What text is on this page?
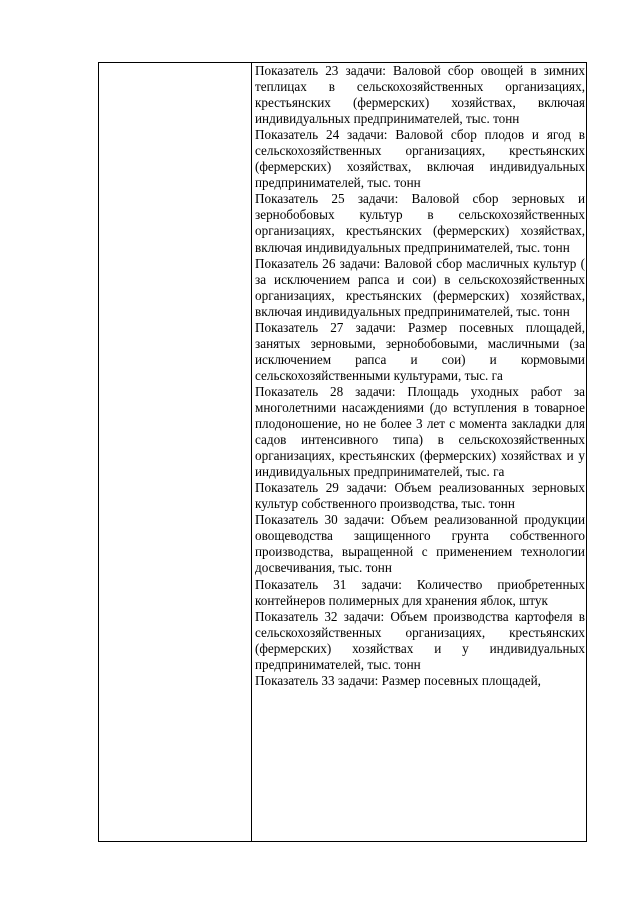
Показатель 23 задачи: Валовой сбор овощей в зимних теплицах в сельскохозяйственных организациях, крестьянских (фермерских) хозяйствах, включая индивидуальных предпринимателей, тыс. тонн

Показатель 24 задачи: Валовой сбор плодов и ягод в сельскохозяйственных организациях, крестьянских (фермерских) хозяйствах, включая индивидуальных предпринимателей, тыс. тонн

Показатель 25 задачи: Валовой сбор зерновых и зернобобовых культур в сельскохозяйственных организациях, крестьянских (фермерских) хозяйствах, включая индивидуальных предпринимателей, тыс. тонн

Показатель 26 задачи: Валовой сбор масличных культур ( за исключением рапса и сои) в сельскохозяйственных организациях, крестьянских (фермерских) хозяйствах, включая индивидуальных предпринимателей, тыс. тонн

Показатель 27 задачи: Размер посевных площадей, занятых зерновыми, зернобобовыми, масличными (за исключением рапса и сои) и кормовыми сельскохозяйственными культурами, тыс. га

Показатель 28 задачи: Площадь уходных работ за многолетними насаждениями (до вступления в товарное плодоношение, но не более 3 лет с момента закладки для садов интенсивного типа) в сельскохозяйственных организациях, крестьянских (фермерских) хозяйствах и у индивидуальных предпринимателей, тыс. га

Показатель 29 задачи: Объем реализованных зерновых культур собственного производства, тыс. тонн

Показатель 30 задачи: Объем реализованной продукции овощеводства защищенного грунта собственного производства, выращенной с применением технологии досвечивания, тыс. тонн

Показатель 31 задачи: Количество приобретенных контейнеров полимерных для хранения яблок, штук

Показатель 32 задачи: Объем производства картофеля в сельскохозяйственных организациях, крестьянских (фермерских) хозяйствах и у индивидуальных предпринимателей, тыс. тонн

Показатель 33 задачи: Размер посевных площадей,
